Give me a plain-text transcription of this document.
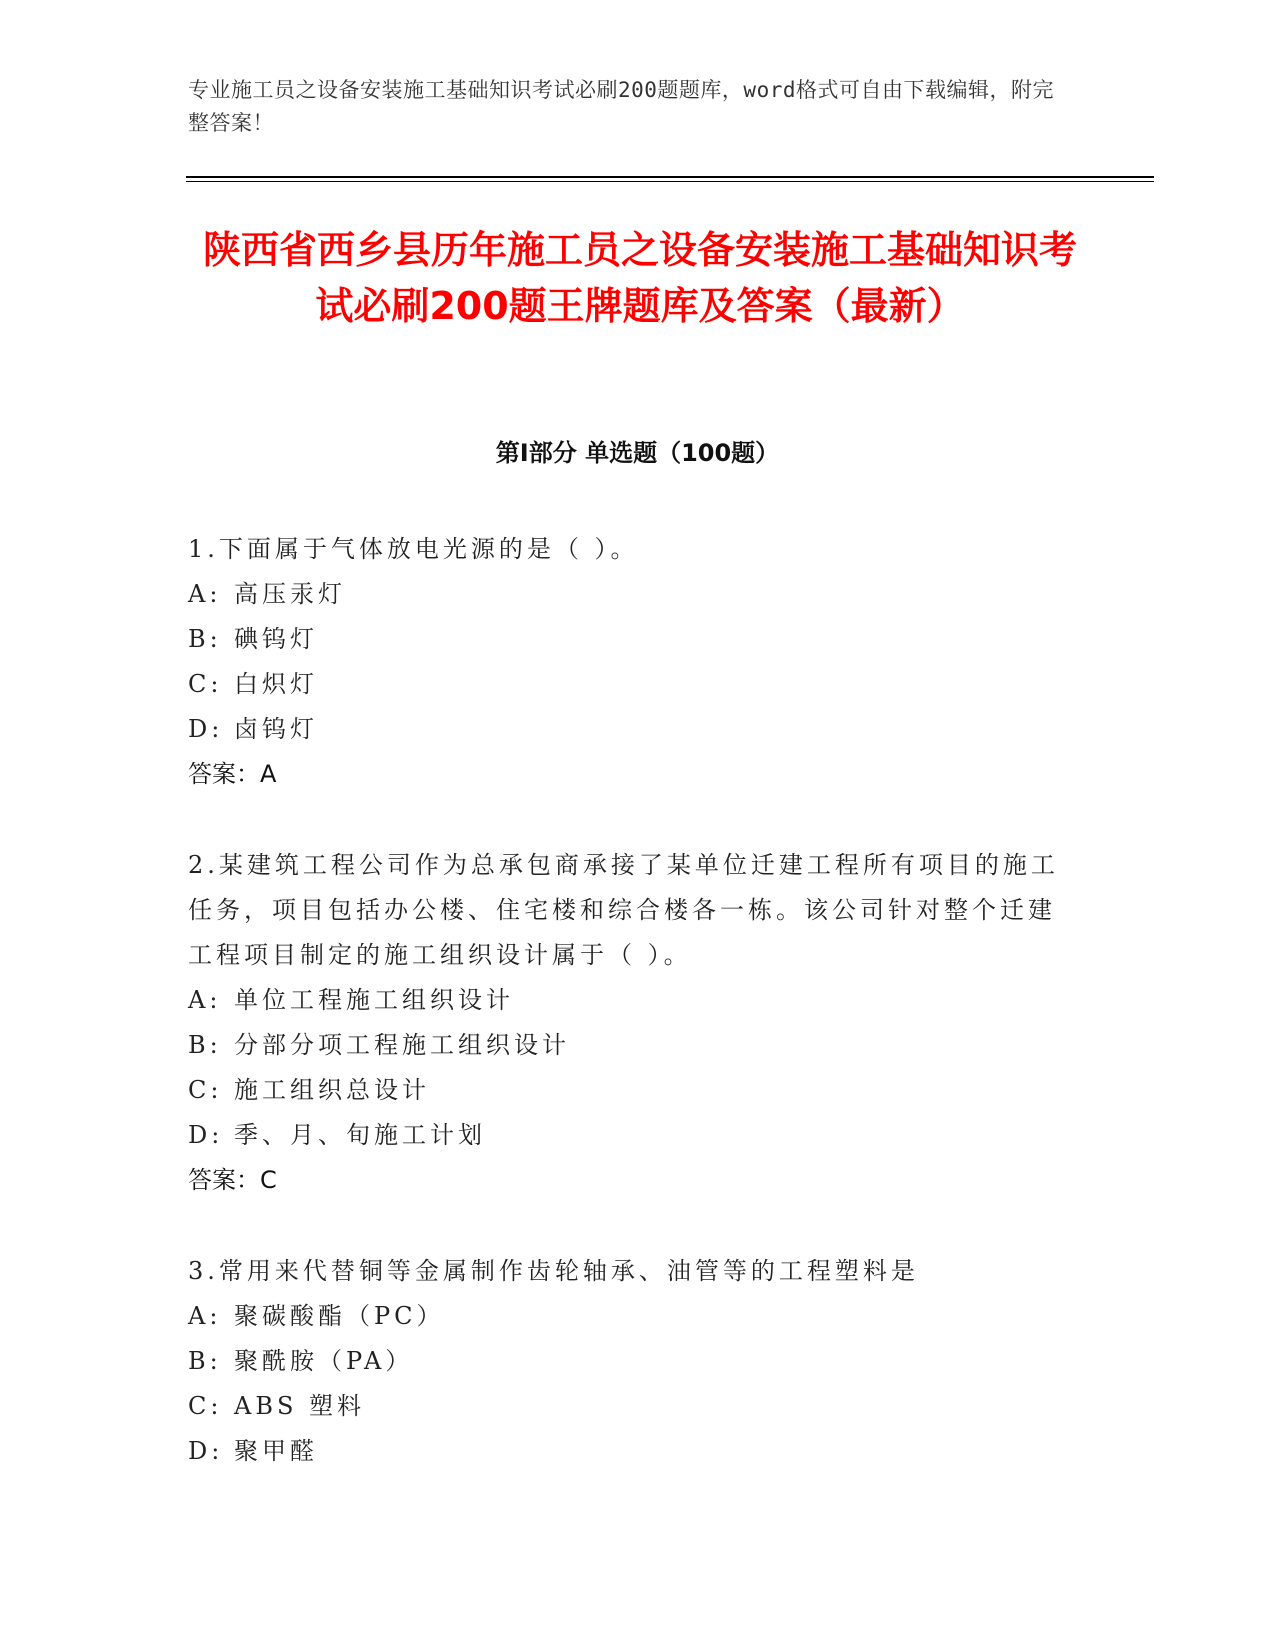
专业施工员之设备安装施工基础知识考试必刷200题题库，word格式可自由下载编辑，附完整答案！
陕西省西乡县历年施工员之设备安装施工基础知识考试必刷200题王牌题库及答案（最新）
第Ⅰ部分 单选题（100题）

1.下面属于气体放电光源的是（ ）。

A: 高压汞灯

B: 碘钨灯

C: 白炽灯

D: 卤钨灯

答案：A

2.某建筑工程公司作为总承包商承接了某单位迁建工程所有项目的施工任务，项目包括办公楼、住宅楼和综合楼各一栋。该公司针对整个迁建工程项目制定的施工组织设计属于（ ）。

A: 单位工程施工组织设计

B: 分部分项工程施工组织设计

C: 施工组织总设计

D: 季、月、旬施工计划

答案：C

3.常用来代替铜等金属制作齿轮轴承、油管等的工程塑料是

A: 聚碳酸酯（PC）

B: 聚酰胺（PA）

C: ABS 塑料

D: 聚甲醛
